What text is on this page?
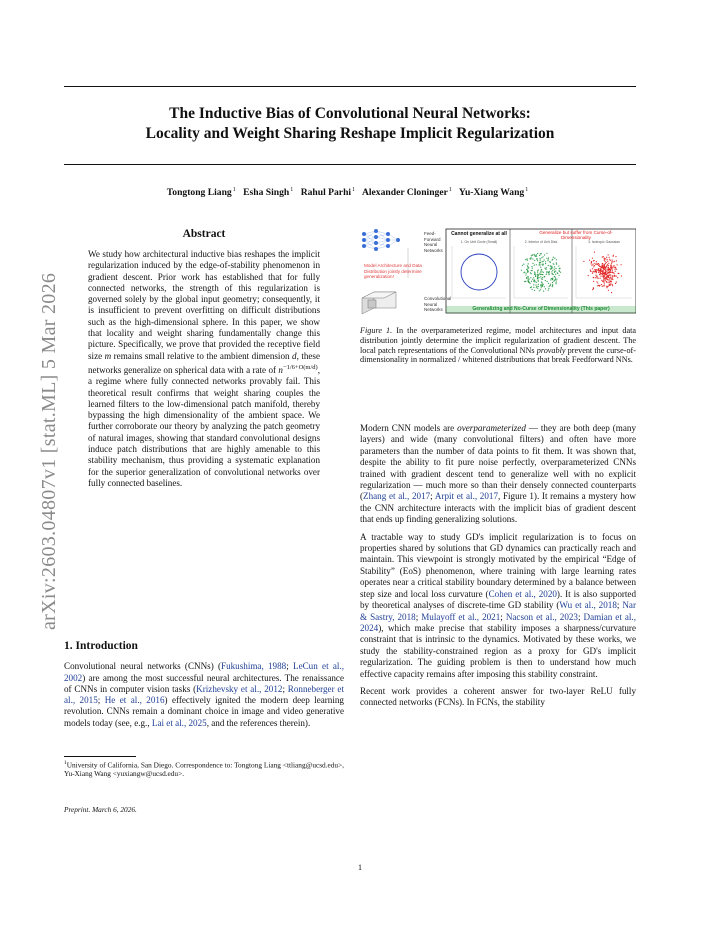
arXiv:2603.04807v1 [stat.ML] 5 Mar 2026
The Inductive Bias of Convolutional Neural Networks:
Locality and Weight Sharing Reshape Implicit Regularization
Tongtong Liang$^1$ Esha Singh$^1$ Rahul Parhi$^1$ Alexander Cloninger$^1$ Yu-Xiang Wang$^1$
Abstract
We study how architectural inductive bias reshapes the implicit regularization induced by the edge-of-stability phenomenon in gradient descent. Prior work has established that for fully connected networks, the strength of this regularization is governed solely by the global input geometry; consequently, it is insufficient to prevent overfitting on difficult distributions such as the high-dimensional sphere. In this paper, we show that locality and weight sharing fundamentally change this picture. Specifically, we prove that provided the receptive field size m remains small relative to the ambient dimension d, these networks generalize on spherical data with a rate of $n^{-1/6+O(m/d)}$, a regime where fully connected networks provably fail. This theoretical result confirms that weight sharing couples the learned filters to the low-dimensional patch manifold, thereby bypassing the high dimensionality of the ambient space. We further corroborate our theory by analyzing the patch geometry of natural images, showing that standard convolutional designs induce patch distributions that are highly amenable to this stability mechanism, thus providing a systematic explanation for the superior generalization of convolutional networks over fully connected baselines.
1. Introduction
Convolutional neural networks (CNNs) (Fukushima, 1988; LeCun et al., 2002) are among the most successful neural architectures. The renaissance of CNNs in computer vision tasks (Krizhevsky et al., 2012; Ronneberger et al., 2015; He et al., 2016) effectively ignited the modern deep learning revolution. CNNs remain a dominant choice in image and video generative models today (see, e.g., Lai et al., 2025, and the references therein).
$^1$University of California, San Diego. Correspondence to: Tongtong Liang <ttliang@ucsd.edu>, Yu-Xiang Wang <yuxiangw@ucsd.edu>.
Preprint. March 6, 2026.
Feed-Forward Neural Networks
Convolutional Neural Networks
Model Architecture and Data Distribution jointly determine generalization!
Cannot generalize at all	Generalize but suffer from Curse-of-Dimensionality
1. On Unit Circle (Small)	2. Interior of Unit Disk	3. Isotropic Gaussian
Generalizing and No-Curse of Dimensionality (This paper)
Figure 1. In the overparameterized regime, model architectures and input data distribution jointly determine the implicit regularization of gradient descent. The local patch representations of the Convolutional NNs provably prevent the curse-of-dimensionality in normalized / whitened distributions that break Feedforward NNs.

Modern CNN models are overparameterized — they are both deep (many layers) and wide (many convolutional filters) and often have more parameters than the number of data points to fit them. It was shown that, despite the ability to fit pure noise perfectly, overparameterized CNNs trained with gradient descent tend to generalize well with no explicit regularization — much more so than their densely connected counterparts (Zhang et al., 2017; Arpit et al., 2017, Figure 1). It remains a mystery how the CNN architecture interacts with the implicit bias of gradient descent that ends up finding generalizing solutions.

A tractable way to study GD's implicit regularization is to focus on properties shared by solutions that GD dynamics can practically reach and maintain. This viewpoint is strongly motivated by the empirical “Edge of Stability” (EoS) phenomenon, where training with large learning rates operates near a critical stability boundary determined by a balance between step size and local loss curvature (Cohen et al., 2020). It is also supported by theoretical analyses of discrete-time GD stability (Wu et al., 2018; Nar & Sastry, 2018; Mulayoff et al., 2021; Nacson et al., 2023; Damian et al., 2024), which make precise that stability imposes a sharpness/curvature constraint that is intrinsic to the dynamics. Motivated by these works, we study the stability-constrained region as a proxy for GD's implicit regularization. The guiding problem is then to understand how much effective capacity remains after imposing this stability constraint.

Recent work provides a coherent answer for two-layer ReLU fully connected networks (FCNs). In FCNs, the stability

1
